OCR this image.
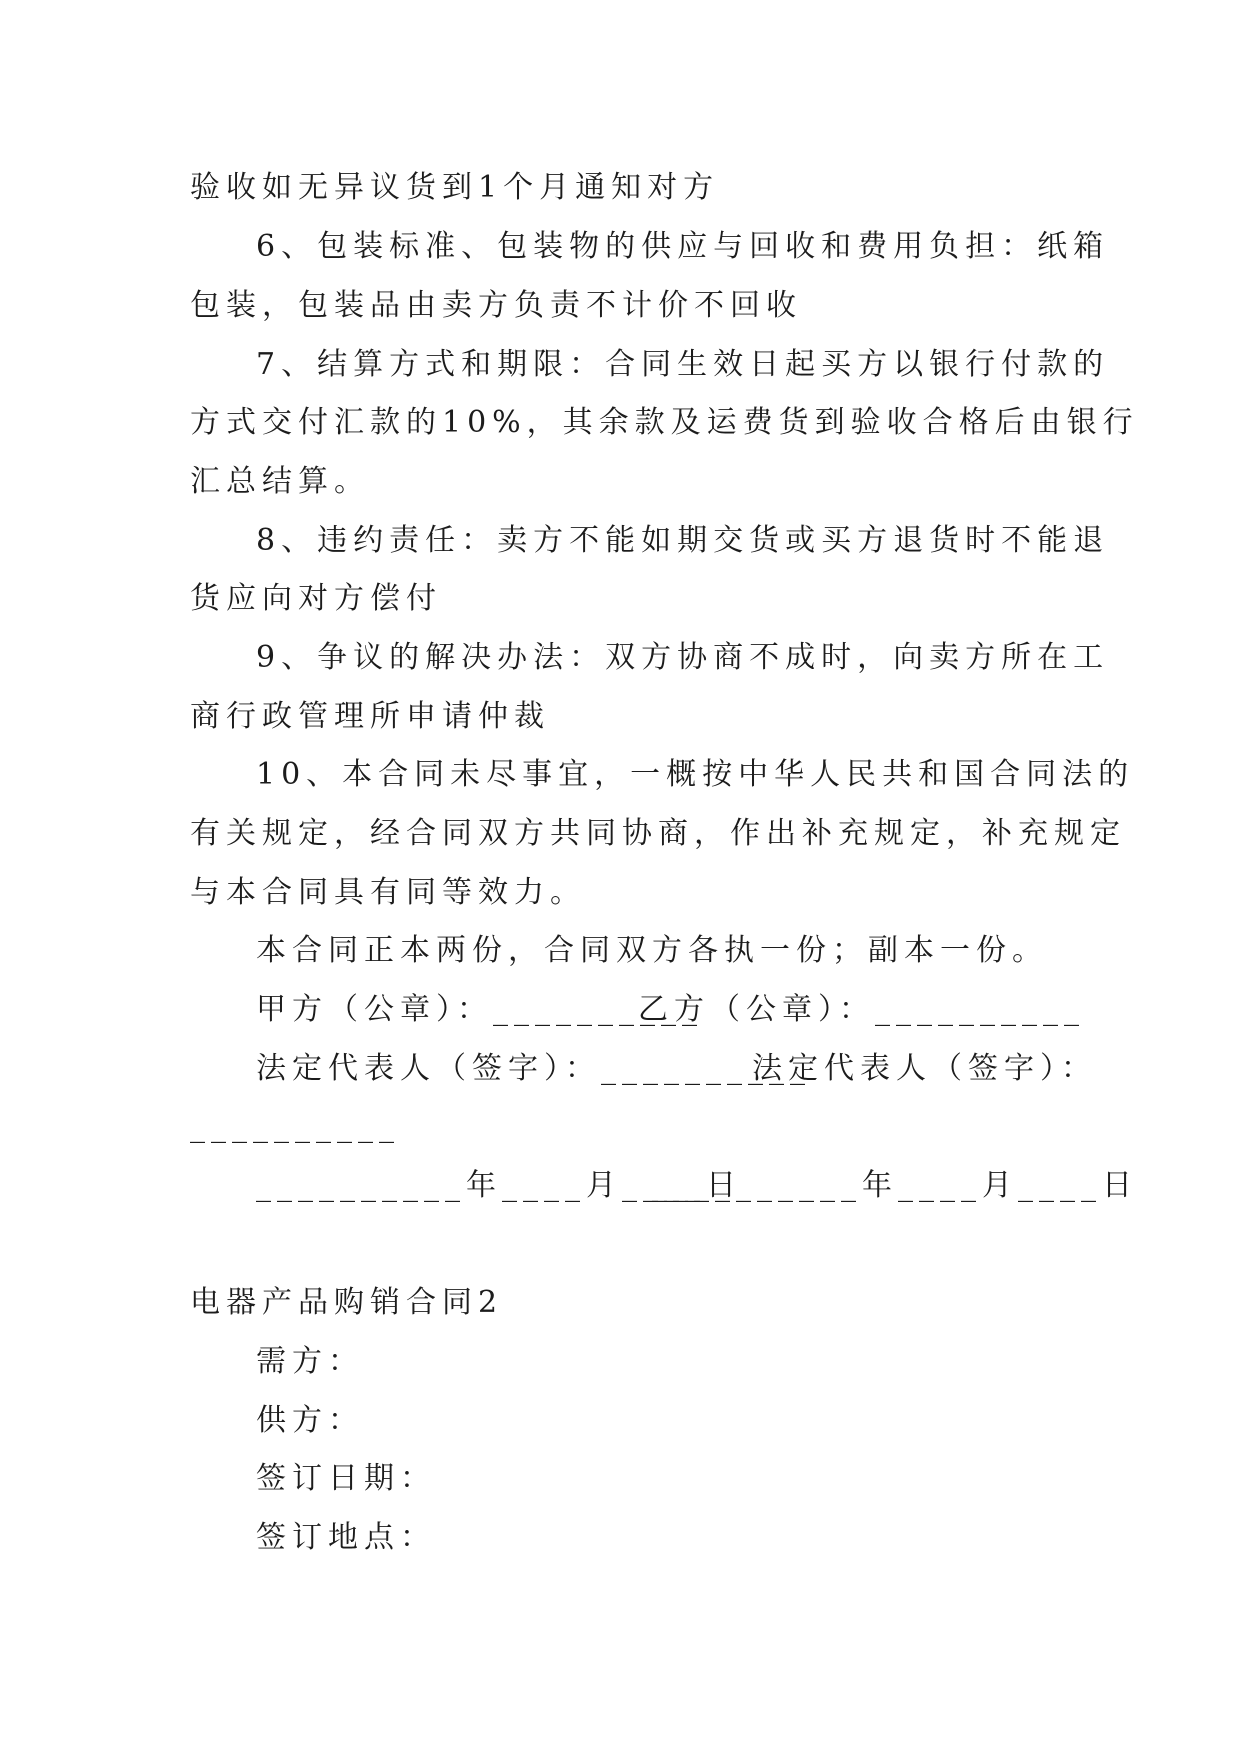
验收如无异议货到1个月通知对方
6、包装标准、包装物的供应与回收和费用负担：纸箱
包装，包装品由卖方负责不计价不回收
7、结算方式和期限：合同生效日起买方以银行付款的
方式交付汇款的10%，其余款及运费货到验收合格后由银行
汇总结算。
8、违约责任：卖方不能如期交货或买方退货时不能退
货应向对方偿付
9、争议的解决办法：双方协商不成时，向卖方所在工
商行政管理所申请仲裁
10、本合同未尽事宜，一概按中华人民共和国合同法的
有关规定，经合同双方共同协商，作出补充规定，补充规定
与本合同具有同等效力。
本合同正本两份，合同双方各执一份；副本一份。
甲方（公章）：__________
乙方（公章）：__________
法定代表人（签字）：__________
法定代表人（签字）：
__________
__________年____月____日
__________年____月____日
电器产品购销合同2
需方：
供方：
签订日期：
签订地点：
